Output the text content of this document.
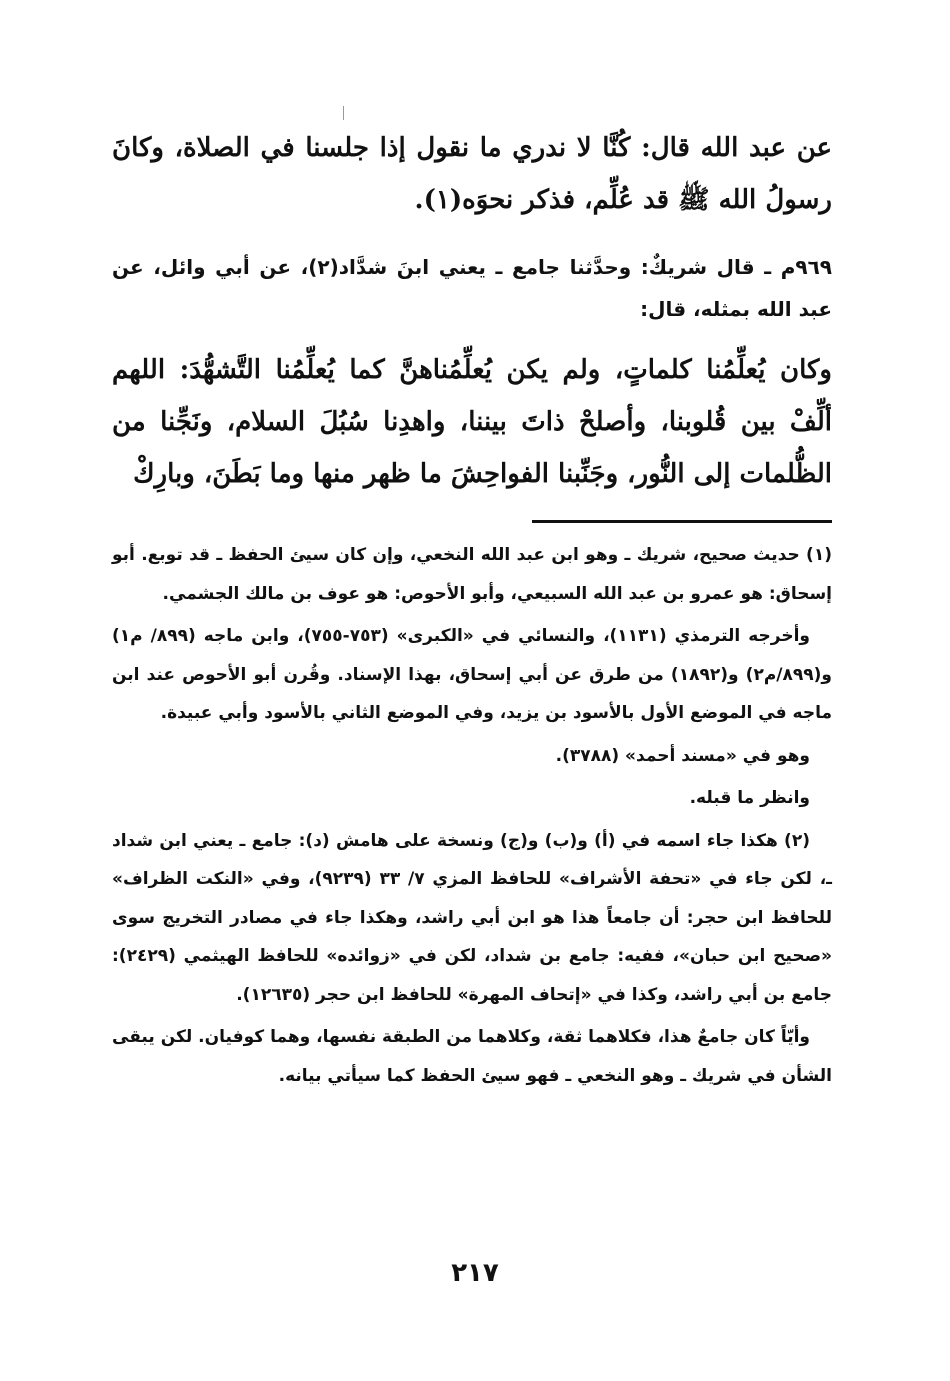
عن عبد الله قال: كُنَّا لا ندري ما نقول إذا جلسنا في الصلاة، وكانَ رسولُ الله ﷺ قد عُلِّم، فذكر نحوَه(١).

٩٦٩م ـ قال شريكٌ: وحدَّثنا جامع ـ يعني ابنَ شدَّاد(٢)، عن أبي وائل، عن عبد الله بمثله، قال:

وكان يُعلِّمُنا كلماتٍ، ولم يكن يُعلِّمُناهنَّ كما يُعلِّمُنا التَّشهُّدَ: اللهم ألِّفْ بين قُلوبنا، وأصلحْ ذاتَ بيننا، واهدِنا سُبُلَ السلام، ونَجِّنا من الظُّلمات إلى النُّور، وجَنِّبنا الفواحِشَ ما ظهر منها وما بَطَنَ، وبارِكْ

(١) حديث صحيح، شريك ـ وهو ابن عبد الله النخعي، وإن كان سيئ الحفظ ـ قد توبع. أبو إسحاق: هو عمرو بن عبد الله السبيعي، وأبو الأحوص: هو عوف بن مالك الجشمي.

وأخرجه الترمذي (١١٣١)، والنسائي في «الكبرى» (٧٥٣-٧٥٥)، وابن ماجه (٨٩٩/ م١) و(٨٩٩/م٢) و(١٨٩٢) من طرق عن أبي إسحاق، بهذا الإسناد. وقُرن أبو الأحوص عند ابن ماجه في الموضع الأول بالأسود بن يزيد، وفي الموضع الثاني بالأسود وأبي عبيدة.

وهو في «مسند أحمد» (٣٧٨٨).

وانظر ما قبله.

(٢) هكذا جاء اسمه في (أ) و(ب) و(ج) ونسخة على هامش (د): جامع ـ يعني ابن شداد ـ، لكن جاء في «تحفة الأشراف» للحافظ المزي ٧/ ٣٣ (٩٢٣٩)، وفي «النكت الظراف» للحافظ ابن حجر: أن جامعاً هذا هو ابن أبي راشد، وهكذا جاء في مصادر التخريج سوى «صحيح ابن حبان»، ففيه: جامع بن شداد، لكن في «زوائده» للحافظ الهيثمي (٢٤٢٩): جامع بن أبي راشد، وكذا في «إتحاف المهرة» للحافظ ابن حجر (١٢٦٣٥).

وأيّاً كان جامعٌ هذا، فكلاهما ثقة، وكلاهما من الطبقة نفسها، وهما كوفيان. لكن يبقى الشأن في شريك ـ وهو النخعي ـ فهو سيئ الحفظ كما سيأتي بيانه.

٢١٧
